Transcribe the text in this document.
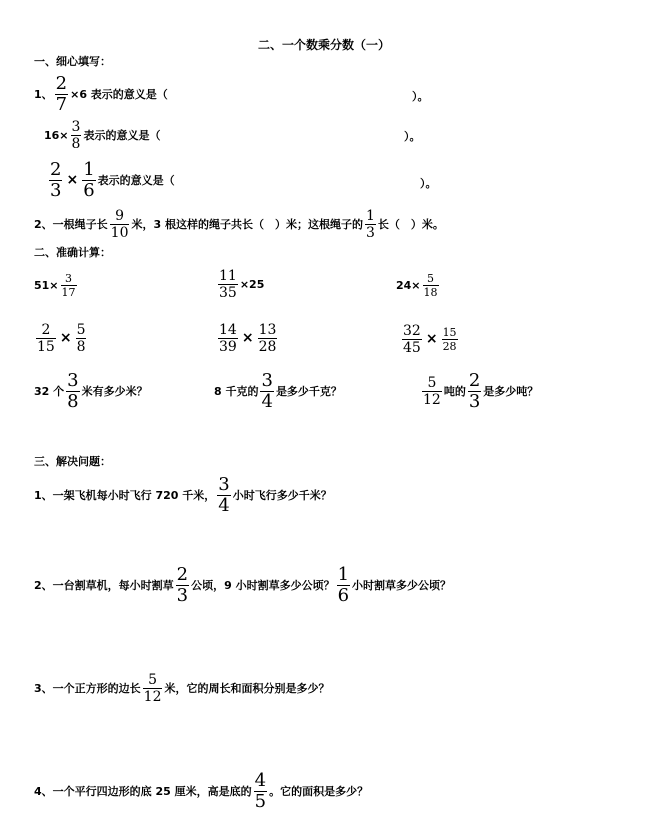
二、一个数乘分数（一）
一、细心填写：
1、 $\frac{2}{7} \times 6$ 表示的意义是（	）。
$16\times \frac{3}{8}$ 表示的意义是（	）。
$\frac{2}{3} \times \frac{1}{6}$ 表示的意义是（	）。
2、一根绳子长 $\frac{9}{10}$ 米，3 根这样的绳子共长（　）米；这根绳子的 $\frac{1}{3}$ 长（　）米。
二、准确计算：
$51\times \frac{3}{17}$	$\frac{11}{35} \times 25$	$24\times \frac{5}{18}$
$\frac{2}{15} \times \frac{5}{8}$	$\frac{14}{39} \times \frac{13}{28}$	$\frac{32}{45} \times \frac{15}{28}$
32 个 $\frac{3}{8}$ 米有多少米？	8 千克的 $\frac{3}{4}$ 是多少千克？	$\frac{5}{12}$ 吨的 $\frac{2}{3}$ 是多少吨？
三、解决问题：
1、一架飞机每小时飞行 720 千米， $\frac{3}{4}$ 小时飞行多少千米？
2、一台割草机，每小时割草 $\frac{2}{3}$ 公顷，9 小时割草多少公顷？ $\frac{1}{6}$ 小时割草多少公顷？
3、一个正方形的边长 $\frac{5}{12}$ 米，它的周长和面积分别是多少？
4、一个平行四边形的底 25 厘米，高是底的 $\frac{4}{5}$ 。它的面积是多少？
